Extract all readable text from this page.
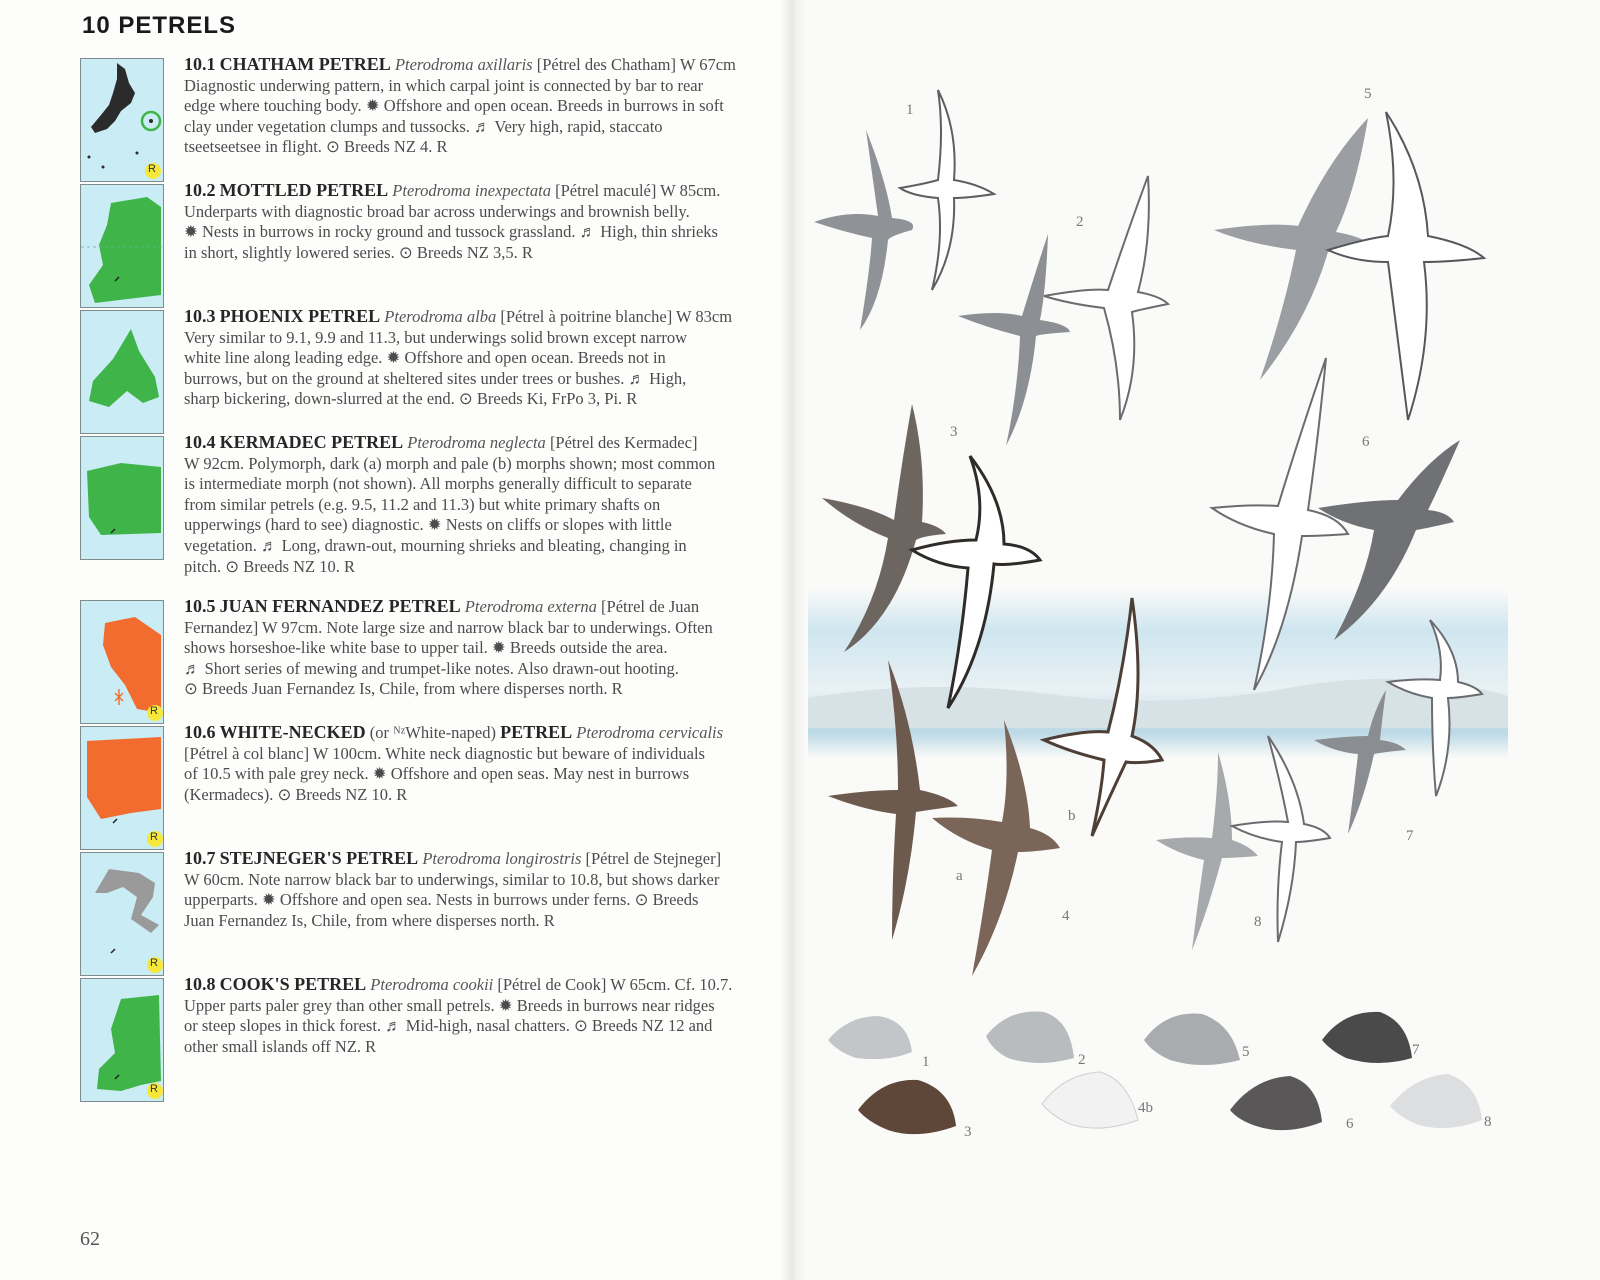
10 PETRELS
R
10.1 CHATHAM PETREL Pterodroma axillaris [Pétrel des Chatham] W 67cm
Diagnostic underwing pattern, in which carpal joint is connected by bar to rear
edge where touching body. ✹ Offshore and open ocean. Breeds in burrows in soft
clay under vegetation clumps and tussocks. ♬ Very high, rapid, staccato
tseetseetsee in flight. ⊙ Breeds NZ 4. R
10.2 MOTTLED PETREL Pterodroma inexpectata [Pétrel maculé] W 85cm.
Underparts with diagnostic broad bar across underwings and brownish belly.
✹ Nests in burrows in rocky ground and tussock grassland. ♬ High, thin shrieks
in short, slightly lowered series. ⊙ Breeds NZ 3,5. R
10.3 PHOENIX PETREL Pterodroma alba [Pétrel à poitrine blanche] W 83cm
Very similar to 9.1, 9.9 and 11.3, but underwings solid brown except narrow
white line along leading edge. ✹ Offshore and open ocean. Breeds not in
burrows, but on the ground at sheltered sites under trees or bushes. ♬ High,
sharp bickering, down-slurred at the end. ⊙ Breeds Ki, FrPo 3, Pi. R
10.4 KERMADEC PETREL Pterodroma neglecta [Pétrel des Kermadec]
W 92cm. Polymorph, dark (a) morph and pale (b) morphs shown; most common
is intermediate morph (not shown). All morphs generally difficult to separate
from similar petrels (e.g. 9.5, 11.2 and 11.3) but white primary shafts on
upperwings (hard to see) diagnostic. ✹ Nests on cliffs or slopes with little
vegetation. ♬ Long, drawn-out, mourning shrieks and bleating, changing in
pitch. ⊙ Breeds NZ 10. R
R
10.5 JUAN FERNANDEZ PETREL Pterodroma externa [Pétrel de Juan
Fernandez] W 97cm. Note large size and narrow black bar to underwings. Often
shows horseshoe-like white base to upper tail. ✹ Breeds outside the area.
♬ Short series of mewing and trumpet-like notes. Also drawn-out hooting.
⊙ Breeds Juan Fernandez Is, Chile, from where disperses north. R
R
10.6 WHITE-NECKED (or ᴺᶻWhite-naped) PETREL Pterodroma cervicalis
[Pétrel à col blanc] W 100cm. White neck diagnostic but beware of individuals
of 10.5 with pale grey neck. ✹ Offshore and open seas. May nest in burrows
(Kermadecs). ⊙ Breeds NZ 10. R
R
10.7 STEJNEGER'S PETREL Pterodroma longirostris [Pétrel de Stejneger]
W 60cm. Note narrow black bar to underwings, similar to 10.8, but shows darker
upperparts. ✹ Offshore and open sea. Nests in burrows under ferns. ⊙ Breeds
Juan Fernandez Is, Chile, from where disperses north. R
R
10.8 COOK'S PETREL Pterodroma cookii [Pétrel de Cook] W 65cm. Cf. 10.7.
Upper parts paler grey than other small petrels. ✹ Breeds in burrows near ridges
or steep slopes in thick forest. ♬ Mid-high, nasal chatters. ⊙ Breeds NZ 12 and
other small islands off NZ. R

62

1
2
5
3
6
b
a
4	8
7
1	2	5	7
3
4b
6	8
